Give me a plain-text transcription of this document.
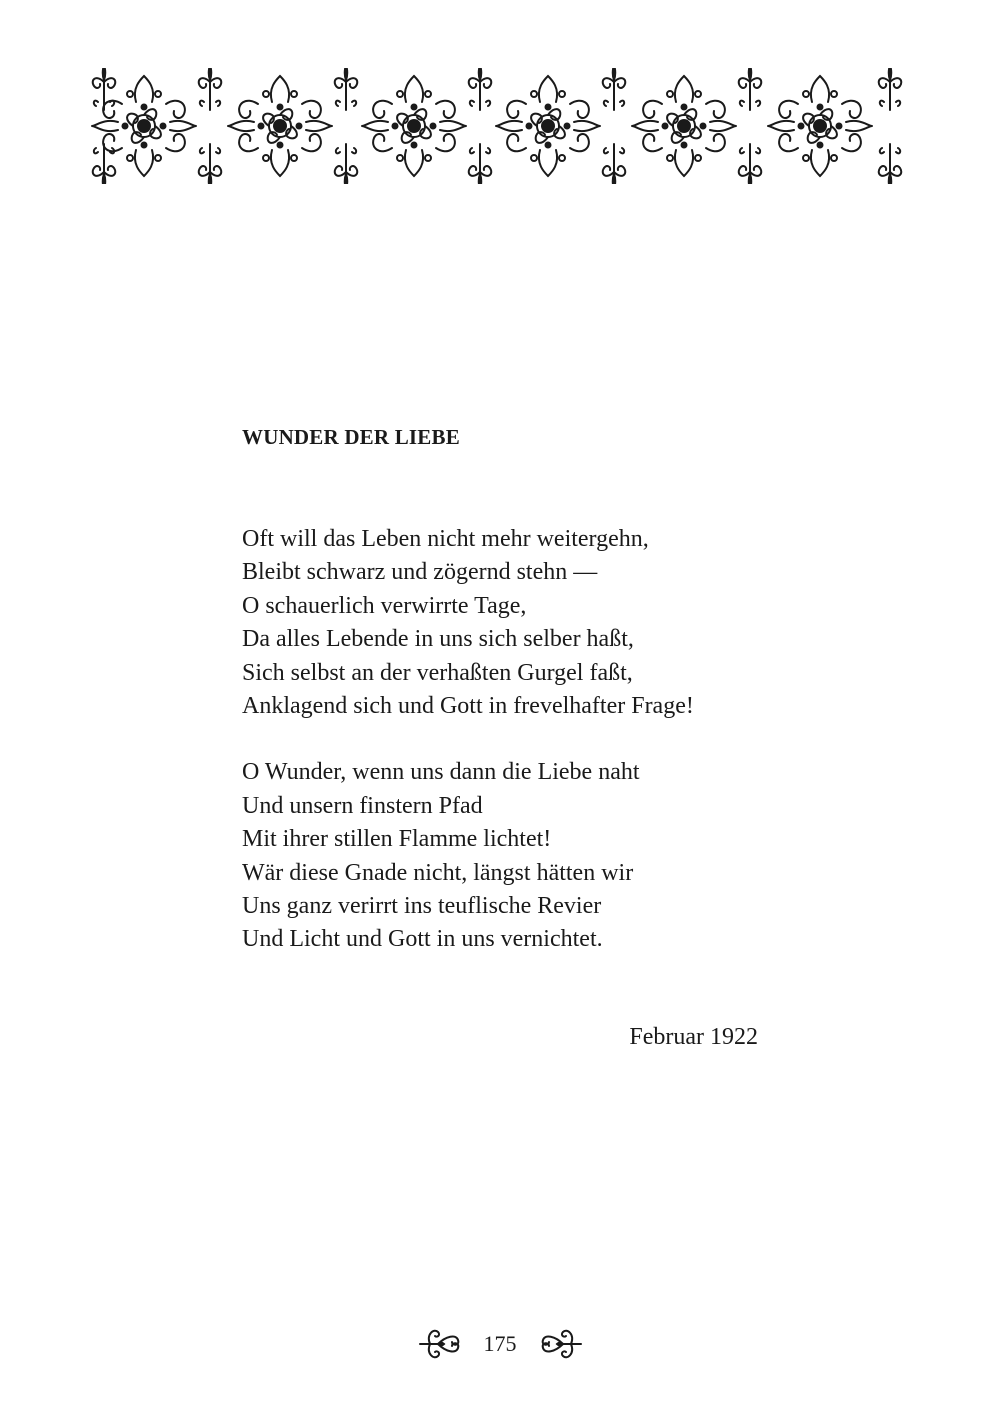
WUNDER DER LIEBE

Oft will das Leben nicht mehr weitergehn,
Bleibt schwarz und zögernd stehn —
O schauerlich verwirrte Tage,
Da alles Lebende in uns sich selber haßt,
Sich selbst an der verhaßten Gurgel faßt,
Anklagend sich und Gott in frevelhafter Frage!

O Wunder, wenn uns dann die Liebe naht
Und unsern finstern Pfad
Mit ihrer stillen Flamme lichtet!
Wär diese Gnade nicht, längst hätten wir
Uns ganz verirrt ins teuflische Revier
Und Licht und Gott in uns vernichtet.

Februar 1922
175
